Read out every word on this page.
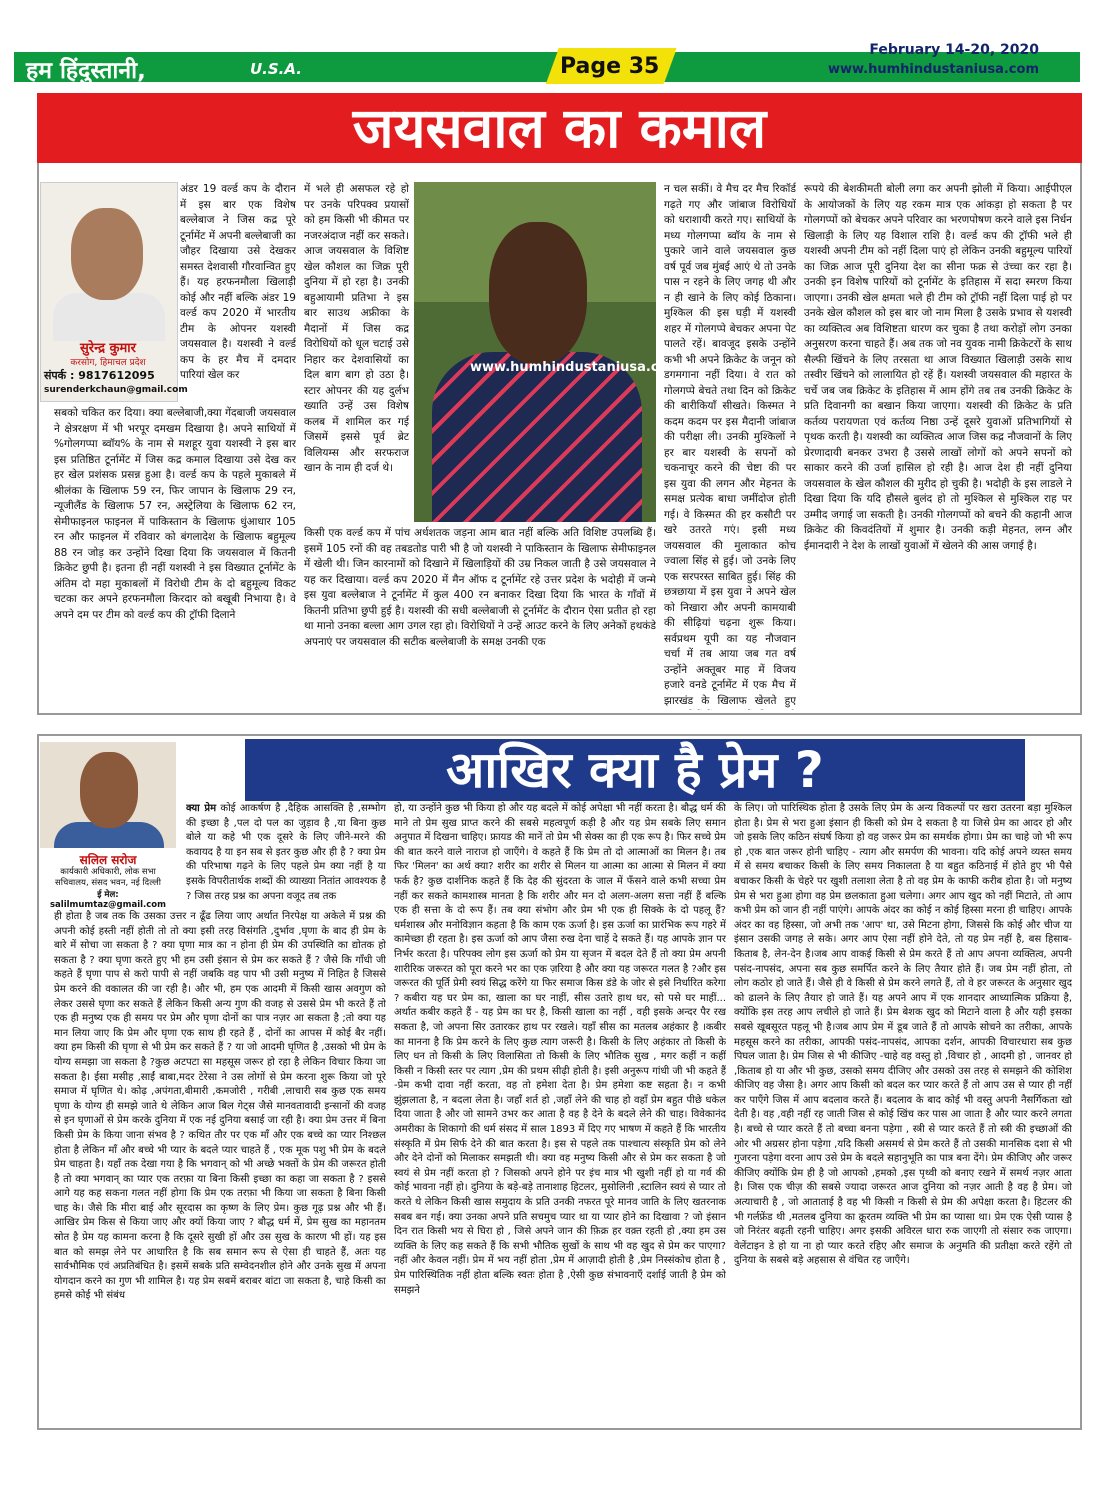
हम हिंदुस्तानी,	U.S.A.	Page 35
February 14-20, 2020
www.humhindustaniusa.com
जयसवाल का कमाल
सुरेन्द्र कुमार
करसोग, हिमाचल प्रदेश
संपर्क : 9817612095
surenderkchaun@gmail.com

अंडर 19 वर्ल्ड कप के दौरान में इस बार एक विशेष बल्लेबाज ने जिस कद्र पूरे टूर्नामेंट में अपनी बल्लेबाजी का जौहर दिखाया उसे देखकर समस्त देशवासी गौरवान्वित हुए हैं। यह हरफनमौला खिलाड़ी कोई और नहीं बल्कि अंडर 19 वर्ल्ड कप 2020 में भारतीय टीम के ओपनर यशस्वी जयसवाल है। यशस्वी ने वर्ल्ड कप के हर मैच में दमदार पारियां खेल कर

सबको चकित कर दिया। क्या बल्लेबाजी,क्या गेंदबाजी जयसवाल ने क्षेत्ररक्षण में भी भरपूर दमखम दिखाया है। अपने साथियों में %गोलगप्पा ब्वॉय% के नाम से मशहूर युवा यशस्वी ने इस बार इस प्रतिष्ठित टूर्नामेंट में जिस कद्र कमाल दिखाया उसे देख कर हर खेल प्रशंसक प्रसन्न हुआ है। वर्ल्ड कप के पहले मुकाबले में श्रीलंका के खिलाफ 59 रन, फिर जापान के खिलाफ 29 रन, न्यूजीलैंड के खिलाफ 57 रन, अस्ट्रेलिया के खिलाफ 62 रन, सेमीफाइनल फाइनल में पाकिस्तान के खिलाफ धुंआधार 105 रन और फाइनल में रविवार को बंगलादेश के खिलाफ बहुमूल्य 88 रन जोड़ कर उन्होंने दिखा दिया कि जयसवाल में कितनी क्रिकेट छुपी है। इतना ही नहीं यशस्वी ने इस विख्यात टूर्नामेंट के अंतिम दो महा मुकाबलों में विरोधी टीम के दो बहुमूल्य विकट चटका कर अपने हरफनमौला किरदार को बखूबी निभाया है। वे अपने दम पर टीम को वर्ल्ड कप की ट्रॉफी दिलाने
में भले ही असफल रहे हो पर उनके परिपक्व प्रयासों को हम किसी भी कीमत पर नजरअंदाज नहीं कर सकते। आज जयसवाल के विशिष्ट खेल कौशल का जिक्र पूरी दुनिया में हो रहा है। उनकी बहुआयामी प्रतिभा ने इस बार साउथ अफ्रीका के मैदानों में जिस कद्र विरोधियों को धूल चटाई उसे निहार कर देशवासियों का दिल बाग बाग हो उठा है। स्टार ओपनर की यह दुर्लभ ख्याति उन्हें उस विशेष कलब में शामिल कर गई जिसमें इससे पूर्व ब्रेट विलियम्स और सरफराज खान के नाम ही दर्ज थे।
किसी एक वर्ल्ड कप में पांच अर्धशतक जड़ना आम बात नहीं बल्कि अति विशिष्ट उपलब्धि हैं। इसमें 105 रनों की वह तबडतोड पारी भी है जो यशस्वी ने पाकिस्तान के खिलाफ सेमीफाइनल में खेली थी। जिन कारनामों को दिखाने में खिलाड़ियों की उम्र निकल जाती है उसे जयसवाल ने यह कर दिखाया। वर्ल्ड कप 2020 में मैन ऑफ द टूर्नामेंट रहे उत्तर प्रदेश के भदोही में जन्मे इस युवा बल्लेबाज ने टूर्नामेंट में कुल 400 रन बनाकर दिखा दिया कि भारत के गाँवों में कितनी प्रतिभा छुपी हुई है। यशस्वी की सधी बल्लेबाजी से टूर्नामेंट के दौरान ऐसा प्रतीत हो रहा था मानो उनका बल्ला आग उगल रहा हो। विरोधियों ने उन्हें आउट करने के लिए अनेकों हथकंडे अपनाएं पर जयसवाल की सटीक बल्लेबाजी के समक्ष उनकी एक
www.humhindustaniusa.com
न चल सकीं। वे मैच दर मैच रिकॉर्ड गढ़ते गए और जांबाज विरोधियों को धराशायी करते गए। साथियों के मध्य गोलगप्पा ब्वॉय के नाम से पुकारे जाने वाले जयसवाल कुछ वर्ष पूर्व जब मुंबई आएं थे तो उनके पास न रहने के लिए जगह थी और न ही खाने के लिए कोई ठिकाना। मुश्किल की इस घड़ी में यशस्वी शहर में गोलगप्पे बेचकर अपना पेट पालते रहें। बावजूद इसके उन्होंने कभी भी अपने क्रिकेट के जनून को डगमगाना नहीं दिया। वे रात को गोलगप्पे बेचते तथा दिन को क्रिकेट की बारीकियाँ सीखते। किस्मत ने कदम कदम पर इस मैदानी जांबाज की परीक्षा ली। उनकी मुश्किलों ने हर बार यशस्वी के सपनों को चकनाचूर करने की चेष्टा की पर इस युवा की लगन और मेहनत के समक्ष प्रत्येक बाधा जमींदोज होती गई। वे किस्मत की हर कसौटी पर खरे उतरते गएं। इसी मध्य जयसवाल की मुलाकात कोच ज्वाला सिंह से हुई। जो उनके लिए एक सरपरस्त साबित हुई। सिंह की छत्रछाया में इस युवा ने अपने खेल को निखारा और अपनी कामयाबी की सीढ़ियां चढ़ना शुरू किया। सर्वप्रथम यूपी का यह नौजवान चर्चा में तब आया जब गत वर्ष उन्होंने अक्तूबर माह में विजय हजारे वनडे टूर्नामेंट में एक मैच में झारखंड के खिलाफ खेलते हुए
रूपये की बेशकीमती बोली लगा कर अपनी झोली में किया। आईपीएल के आयोजकों के लिए यह रकम मात्र एक आंकड़ा हो सकता है पर गोलगप्पों को बेचकर अपने परिवार का भरणपोषण करने वाले इस निर्धन खिलाड़ी के लिए यह विशाल राशि है। वर्ल्ड कप की ट्रॉफी भले ही यशस्वी अपनी टीम को नहीं दिला पाएं हो लेकिन उनकी बहुमूल्य पारियों का जिक्र आज पूरी दुनिया देश का सीना फक्र से उंच्चा कर रहा है। उनकी इन विशेष पारियों को टूर्नामेंट के इतिहास में सदा स्मरण किया जाएगा। उनकी खेल क्षमता भले ही टीम को ट्रॉफी नहीं दिला पाई हो पर उनके खेल कौशल को इस बार जो नाम मिला है उसके प्रभाव से यशस्वी का व्यक्तित्व अब विशिष्टता धारण कर चुका है तथा करोड़ों लोग उनका अनुसरण करना चाहते हैं। अब तक जो नव युवक नामी क्रिकेटरों के साथ सैल्फी खिंचने के लिए तरसता था आज विख्यात खिलाड़ी उसके साथ तस्वीर खिंचने को लालायित हो रहें हैं। यशस्वी जयसवाल की महारत के चर्चे जब जब क्रिकेट के इतिहास में आम होंगे तब तब उनकी क्रिकेट के प्रति दिवानगी का बखान किया जाएगा। यशस्वी की क्रिकेट के प्रति कर्तव्य परायणता एवं कर्तव्य निष्ठा उन्हें दूसरे युवाओं प्रतिभागियों से पृथक करती है। यशस्वी का व्यक्तित्व आज जिस कद्र नौजवानों के लिए प्रेरणादायी बनकर उभरा है उससे लाखों लोगों को अपने सपनों को साकार करने की उर्जा हासिल हो रही है। आज देश ही नहीं दुनिया जयसवाल के खेल कौशल की मुरीद हो चुकी है। भदोही के इस लाडले ने दिखा दिया कि यदि हौसले बुलंद हो तो मुश्किल से मुश्किल राह पर उम्मीद जगाई जा सकती है। उनकी गोलगप्पों को बचने की कहानी आज क्रिकेट की किवदंतियों में शुमार है। उनकी कड़ी मेहनत, लग्न और ईमानदारी ने देश के लाखों युवाओं में खेलने की आस जगाई है।
आखिर क्या है प्रेम ?
सलिल सरोज
कार्यकारी अधिकारी, लोक सभा
सचिवालय, संसद भवन, नई दिल्ली
ई मेल: salilmumtaz@gmail.com

क्या प्रेम कोई आकर्षण है ,दैहिक आसक्ति है ,सम्भोग की इच्छा है ,पल दो पल का जुड़ाव है ,या बिना कुछ बोले या कहे भी एक दूसरे के लिए जीने-मरने की कवायद है या इन सब से इतर कुछ और ही है ? क्या प्रेम की परिभाषा गढ़ने के लिए पहले प्रेम क्या नहीं है या इसके विपरीतार्थक शब्दों की व्याख्या नितांत आवश्यक है ? जिस तरह प्रश्न का अपना वजूद तब तक

ही होता है जब तक कि उसका उत्तर न ढूँढ लिया जाए अर्थात निरपेक्ष या अकेले में प्रश्न की अपनी कोई हस्ती नहीं होती तो तो क्या इसी तरह विसंगति ,दुर्भाव ,घृणा के बाद ही प्रेम के बारे में सोचा जा सकता है ? क्या घृणा मात्र का न होना ही प्रेम की उपस्थिति का द्योतक हो सकता है ? क्या घृणा करते हुए भी हम उसी इंसान से प्रेम कर सकते हैं ? जैसे कि गाँधी जी कहते हैं घृणा पाप से करो पापी से नहीं जबकि वह पाप भी उसी मनुष्य में निहित है जिससे प्रेम करने की वकालत की जा रही है। और भी, हम एक आदमी में किसी खास अवगुण को लेकर उससे घृणा कर सकते हैं लेकिन किसी अन्य गुण की वजह से उससे प्रेम भी करते हैं तो एक ही मनुष्य एक ही समय पर प्रेम और घृणा दोनों का पात्र नज़र आ सकता है ;तो क्या यह मान लिया जाए कि प्रेम और घृणा एक साथ ही रहते हैं , दोनों का आपस में कोई बैर नहीं। क्या हम किसी की घृणा से भी प्रेम कर सकते हैं ? या जो आदमी घृणित है ,उसको भी प्रेम के योग्य समझा जा सकता है ?कुछ अटपटा सा महसूस जरूर हो रहा है लेकिन विचार किया जा सकता है। ईसा मसीह ,साईं बाबा,मदर टेरेसा ने उस लोगों से प्रेम करना शुरू किया जो पूरे समाज में घृणित थे। कोढ़ ,अपंगता,बीमारी ,कमजोरी , गरीबी ,लाचारी सब कुछ एक समय घृणा के योग्य ही समझे जाते थे लेकिन आज बिल गेट्स जैसे मानवतावादी इन्सानों की वजह से इन घृणाओं से प्रेम करके दुनिया में एक नई दुनिया बसाई जा रही है। क्या प्रेम उत्तर में बिना किसी प्रेम के किया जाना संभव है ? कथित तौर पर एक माँ और एक बच्चे का प्यार निश्छल होता है लेकिन माँ और बच्चे भी प्यार के बदले प्यार चाहते हैं , एक मूक पशु भी प्रेम के बदले प्रेम चाहता है। यहाँ तक देखा गया है कि भगवान् को भी अच्छे भक्तों के प्रेम की जरूरत होती है तो क्या भगवान् का प्यार एक तरफ़ा या बिना किसी इच्छा का कहा जा सकता है ? इससे आगे यह कह सकना गलत नहीं होगा कि प्रेम एक तरफ़ा भी किया जा सकता है बिना किसी चाह के। जैसे कि मीरा बाई और सूरदास का कृष्ण के लिए प्रेम। कुछ गूढ़ प्रश्न और भी हैं। आखिर प्रेम किस से किया जाए और क्यों किया जाए ? बौद्ध धर्म में, प्रेम सुख का महानतम स्रोत है प्रेम यह कामना करना है कि दूसरे सुखी हों और उस सुख के कारण भी हों। यह इस बात को समझ लेने पर आधारित है कि सब समान रूप से ऐसा ही चाहते हैं, अतः यह सार्वभौमिक एवं अप्रतिबंधित है। इसमें सबके प्रति सम्वेदनशील होने और उनके सुख में अपना योगदान करने का गुण भी शामिल है। यह प्रेम सबमें बराबर बांटा जा सकता है, चाहे किसी का हमसे कोई भी संबंध
हो, या उन्होंने कुछ भी किया हो और यह बदले में कोई अपेक्षा भी नहीं करता है। बौद्ध धर्म की माने तो प्रेम सुख प्राप्त करने की सबसे महत्वपूर्ण कड़ी है और यह प्रेम सबके लिए समान अनुपात में दिखना चाहिए। फ्रायड की मानें तो प्रेम भी सेक्स का ही एक रूप है। फिर सच्चे प्रेम की बात करने वाले नाराज हो जाएँगे। वे कहते हैं कि प्रेम तो दो आत्माओं का मिलन है। तब फिर 'मिलन' का अर्थ क्या? शरीर का शरीर से मिलन या आत्मा का आत्मा से मिलन में क्या फर्क है? कुछ दार्शनिक कहते हैं कि देह की सुंदरता के जाल में फँसने वाले कभी सच्चा प्रेम नहीं कर सकते कामशास्त्र मानता है कि शरीर और मन दो अलग-अलग सत्ता नहीं हैं बल्कि एक ही सत्ता के दो रूप हैं। तब क्या संभोग और प्रेम भी एक ही सिक्के के दो पहलू हैं? धर्मशास्त्र और मनोविज्ञान कहता है कि काम एक ऊर्जा है। इस ऊर्जा का प्रारंभिक रूप गहरे में कामेच्छा ही रहता है। इस ऊर्जा को आप जैसा रुख देना चाहें दे सकते हैं। यह आपके ज्ञान पर निर्भर करता है। परिपक्व लोग इस ऊर्जा को प्रेम या सृजन में बदल देते हैं तो क्या प्रेम अपनी शारीरिक जरूरत को पूरा करने भर का एक ज़रिया है और क्या यह जरूरत गलत है ?और इस जरूरत की पूर्ति प्रेमी स्वयं सिद्ध करेंगे या फिर समाज किस डंडे के जोर से इसे निर्धारित करेगा ? कबीरा यह घर प्रेम का, खाला का घर नाहीं, सीस उतारे हाथ धर, सो पसे घर माहीं... अर्थात कबीर कहते हैं - यह प्रेम का घर है, किसी खाला का नहीं , वही इसके अन्दर पैर रख सकता है, जो अपना सिर उतारकर हाथ पर रखले। यहाँ सीस का मतलब अहंकार है ।कबीर का मानना है कि प्रेम करने के लिए कुछ त्याग जरूरी है। किसी के लिए अहंकार तो किसी के लिए धन तो किसी के लिए विलासिता तो किसी के लिए भौतिक सुख , मगर कहीं न कहीं किसी न किसी स्तर पर त्याग ,प्रेम की प्रथम सीढ़ी होती है। इसी अनुरूप गांधी जी भी कहते हैं -प्रेम कभी दावा नहीं करता, वह तो हमेशा देता है। प्रेम हमेशा कष्ट सहता है। न कभी झुंझलाता है, न बदला लेता है। जहाँ शर्त हो ,जहाँ लेने की चाह हो वहाँ प्रेम बहुत पीछे धकेल दिया जाता है और जो सामने उभर कर आता है वह है देने के बदले लेने की चाह। विवेकानंद अमरीका के शिकागो की धर्म संसद में साल 1893 में दिए गए भाषण में कहते हैं कि भारतीय संस्कृति में प्रेम सिर्फ देने की बात करता है। इस से पहले तक पाश्चात्य संस्कृति प्रेम को लेने और देने दोनों को मिलाकर समझती थी। क्या वह मनुष्य किसी और से प्रेम कर सकता है जो स्वयं से प्रेम नहीं करता हो ? जिसको अपने होने पर इंच मात्र भी खुशी नहीं हो या गर्व की कोई भावना नहीं हो। दुनिया के बड़े-बड़े तानाशाह हिटलर, मुसोलिनी ,स्टालिन स्वयं से प्यार तो करते थे लेकिन किसी खास समुदाय के प्रति उनकी नफरत पूरे मानव जाति के लिए खतरनाक सबब बन गई। क्या उनका अपने प्रति सचमुच प्यार था या प्यार होने का दिखावा ? जो इंसान दिन रात किसी भय से घिरा हो , जिसे अपने जान की फ़िक्र हर वक़्त रहती हो ,क्या हम उस व्यक्ति के लिए कह सकते हैं कि सभी भौतिक सुखों के साथ भी वह खुद से प्रेम कर पाएगा? नहीं और केवल नहीं। प्रेम में भय नहीं होता ,प्रेम में आज़ादी होती है ,प्रेम निस्संकोच होता है , प्रेम पारिस्थितिक नहीं होता बल्कि स्वतः होता है ,ऐसी कुछ संभावनाएँ दर्शाई जाती है प्रेम को समझने
के लिए। जो पारिस्थिक होता है उसके लिए प्रेम के अन्य विकल्पों पर खरा उतरना बड़ा मुश्किल होता है। प्रेम से भरा हुआ इंसान ही किसी को प्रेम दे सकता है या जिसे प्रेम का आदर हो और जो इसके लिए कठिन संघर्ष किया हो वह जरूर प्रेम का समर्थक होगा। प्रेम का चाहे जो भी रूप हो ,एक बात जरूर होनी चाहिए - त्याग और समर्पण की भावना। यदि कोई अपने व्यस्त समय में से समय बचाकर किसी के लिए समय निकालता है या बहुत कठिनाई में होते हुए भी पैसे बचाकर किसी के चेहरे पर खुशी तलाशा लेता है तो वह प्रेम के काफी करीब होता है। जो मनुष्य प्रेम से भरा हुआ होगा वह प्रेम छलकाता हुआ चलेगा। अगर आप खुद को नहीं मिटाते, तो आप कभी प्रेम को जान ही नहीं पाएंगे। आपके अंदर का कोई न कोई हिस्सा मरना ही चाहिए। आपके अंदर का वह हिस्सा, जो अभी तक 'आप' था, उसे मिटना होगा, जिससे कि कोई और चीज या इंसान उसकी जगह ले सके। अगर आप ऐसा नहीं होने देते, तो यह प्रेम नहीं है, बस हिसाब-किताब है, लेन-देन है।जब आप वाकई किसी से प्रेम करते हैं तो आप अपना व्यक्तित्व, अपनी पसंद-नापसंद, अपना सब कुछ समर्पित करने के लिए तैयार होते हैं। जब प्रेम नहीं होता, तो लोग कठोर हो जाते हैं। जैसे ही वे किसी से प्रेम करने लगते हैं, तो वे हर जरूरत के अनुसार खुद को ढालने के लिए तैयार हो जाते हैं। यह अपने आप में एक शानदार आध्यात्मिक प्रक्रिया है, क्योंकि इस तरह आप लचीले हो जाते हैं। प्रेम बेशक खुद को मिटाने वाला है और यही इसका सबसे खूबसूरत पहलू भी है।जब आप प्रेम में डूब जाते हैं तो आपके सोचने का तरीका, आपके महसूस करने का तरीका, आपकी पसंद-नापसंद, आपका दर्शन, आपकी विचारधारा सब कुछ पिघल जाता है। प्रेम जिस से भी कीजिए -चाहे वह वस्तु हो ,विचार हो , आदमी हो , जानवर हो ,किताब हो या और भी कुछ, उसको समय दीजिए और उसको उस तरह से समझने की कोशिश कीजिए वह जैसा है। अगर आप किसी को बदल कर प्यार करते हैं तो आप उस से प्यार ही नहीं कर पाएँगे जिस में आप बदलाव करते हैं। बदलाव के बाद कोई भी वस्तु अपनी नैसर्गिकता खो देती है। वह ,वही नहीं रह जाती जिस से कोई खिंच कर पास आ जाता है और प्यार करने लगता है। बच्चे से प्यार करते हैं तो बच्चा बनना पड़ेगा , स्त्री से प्यार करते हैं तो स्त्री की इच्छाओं की ओर भी अग्रसर होना पड़ेगा ,यदि किसी असमर्थ से प्रेम करते हैं तो उसकी मानसिक दशा से भी गुजरना पड़ेगा वरना आप उसे प्रेम के बदले सहानुभूति का पात्र बना देंगे। प्रेम कीजिए और जरूर कीजिए क्योंकि प्रेम ही है जो आपको ,हमको ,इस पृथ्वी को बनाए रखने में समर्थ नज़र आता है। जिस एक चीज़ की सबसे ज्यादा जरूरत आज दुनिया को नज़र आती है वह है प्रेम। जो अत्याचारी है , जो आताताई है वह भी किसी न किसी से प्रेम की अपेक्षा करता है। हिटलर की भी गर्लफ्रेंड थी ,मतलब दुनिया का क्रूरतम व्यक्ति भी प्रेम का प्यासा था। प्रेम एक ऐसी प्यास है जो निरंतर बढ़ती रहनी चाहिए। अगर इसकी अविरल धारा रुक जाएगी तो संसार रुक जाएगा। वेलेंटाइन डे हो या ना हो प्यार करते रहिए और समाज के अनुमति की प्रतीक्षा करते रहेंगे तो दुनिया के सबसे बड़े अहसास से वंचित रह जाएँगे।
